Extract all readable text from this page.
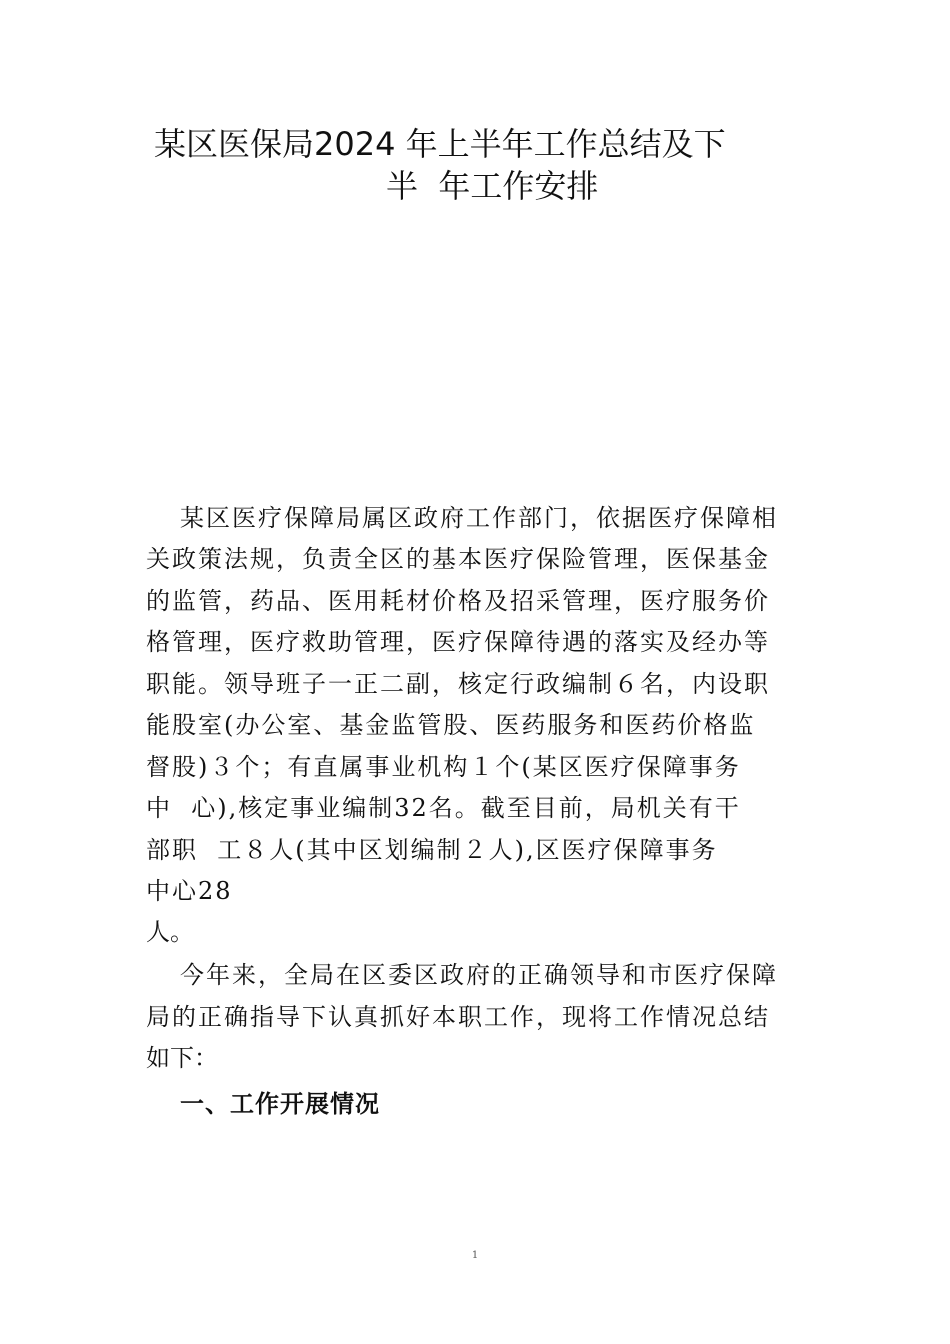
某区医保局2024 年上半年工作总结及下
半  年工作安排
某区医疗保障局属区政府工作部门，依据医疗保障相
关政策法规，负责全区的基本医疗保险管理，医保基金
的监管，药品、医用耗材价格及招采管理，医疗服务价
格管理，医疗救助管理，医疗保障待遇的落实及经办等
职能。领导班子一正二副，核定行政编制６名，内设职
能股室(办公室、基金监管股、医药服务和医药价格监
督股)３个；有直属事业机构１个(某区医疗保障事务
中  心),核定事业编制32名。截至目前，局机关有干
部职  工８人(其中区划编制２人),区医疗保障事务
中心28
人。
今年来，全局在区委区政府的正确领导和市医疗保障
局的正确指导下认真抓好本职工作，现将工作情况总结
如下：
一、工作开展情况
1
